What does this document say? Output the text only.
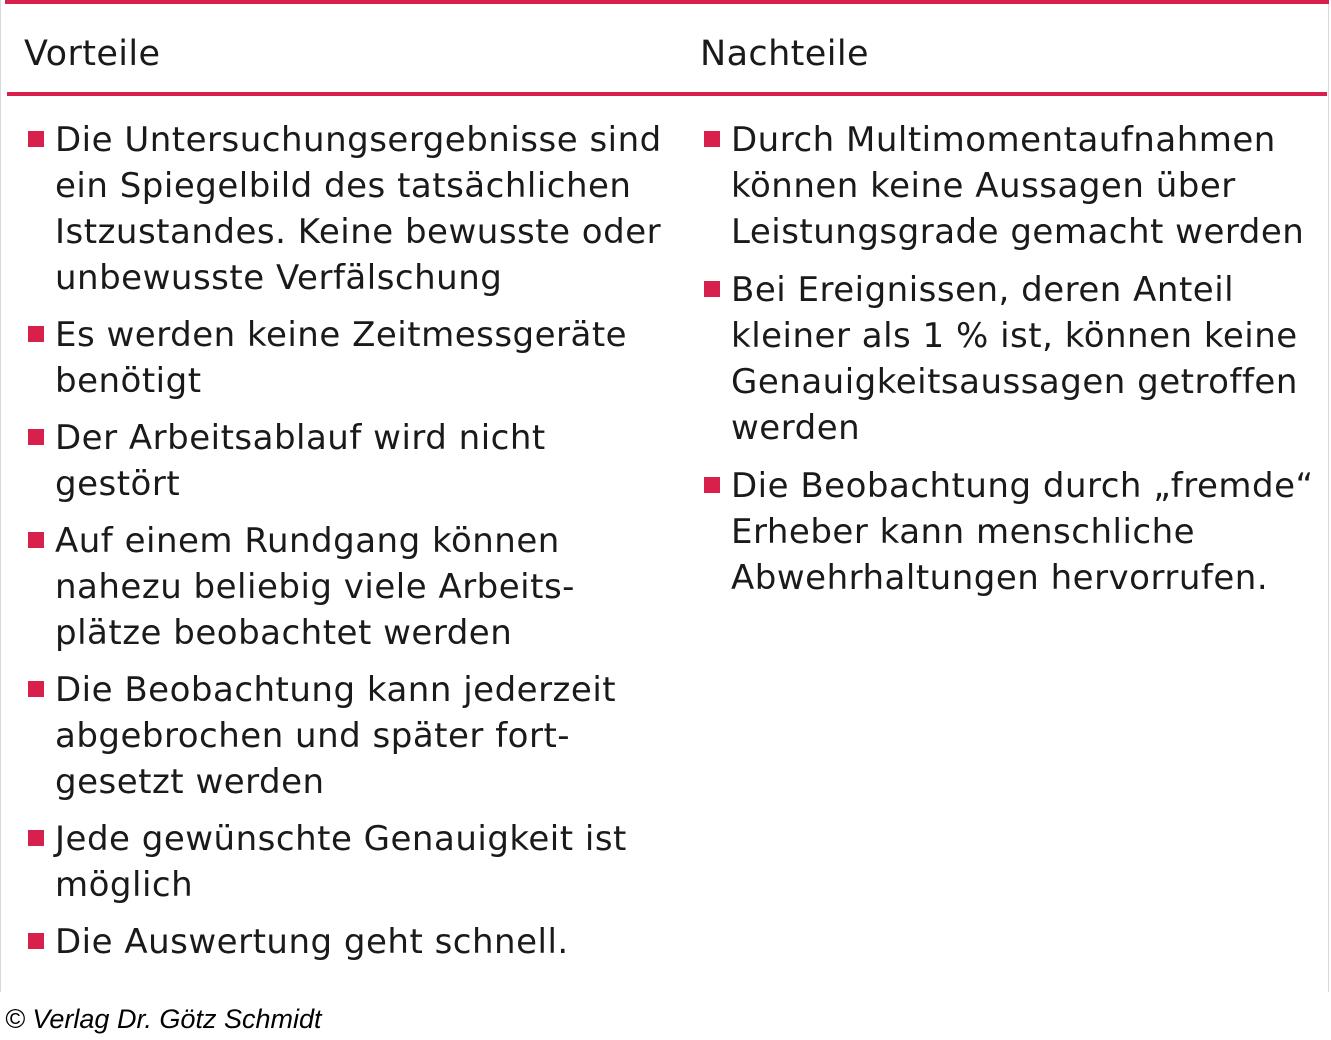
Vorteile	Nachteile
Die Untersuchungsergebnisse sind
ein Spiegelbild des tatsächlichen
Istzustandes. Keine bewusste oder
unbewusste Verfälschung
Es werden keine Zeitmessgeräte
benötigt
Der Arbeitsablauf wird nicht
gestört
Auf einem Rundgang können
nahezu beliebig viele Arbeits-
plätze beobachtet werden
Die Beobachtung kann jederzeit
abgebrochen und später fort-
gesetzt werden
Jede gewünschte Genauigkeit ist
möglich
Die Auswertung geht schnell.
Durch Multimomentaufnahmen
können keine Aussagen über
Leistungsgrade gemacht werden
Bei Ereignissen, deren Anteil
kleiner als 1 % ist, können keine
Genauigkeitsaussagen getroffen
werden
Die Beobachtung durch „fremde“
Erheber kann menschliche
Abwehrhaltungen hervorrufen.
© Verlag Dr. Götz Schmidt
